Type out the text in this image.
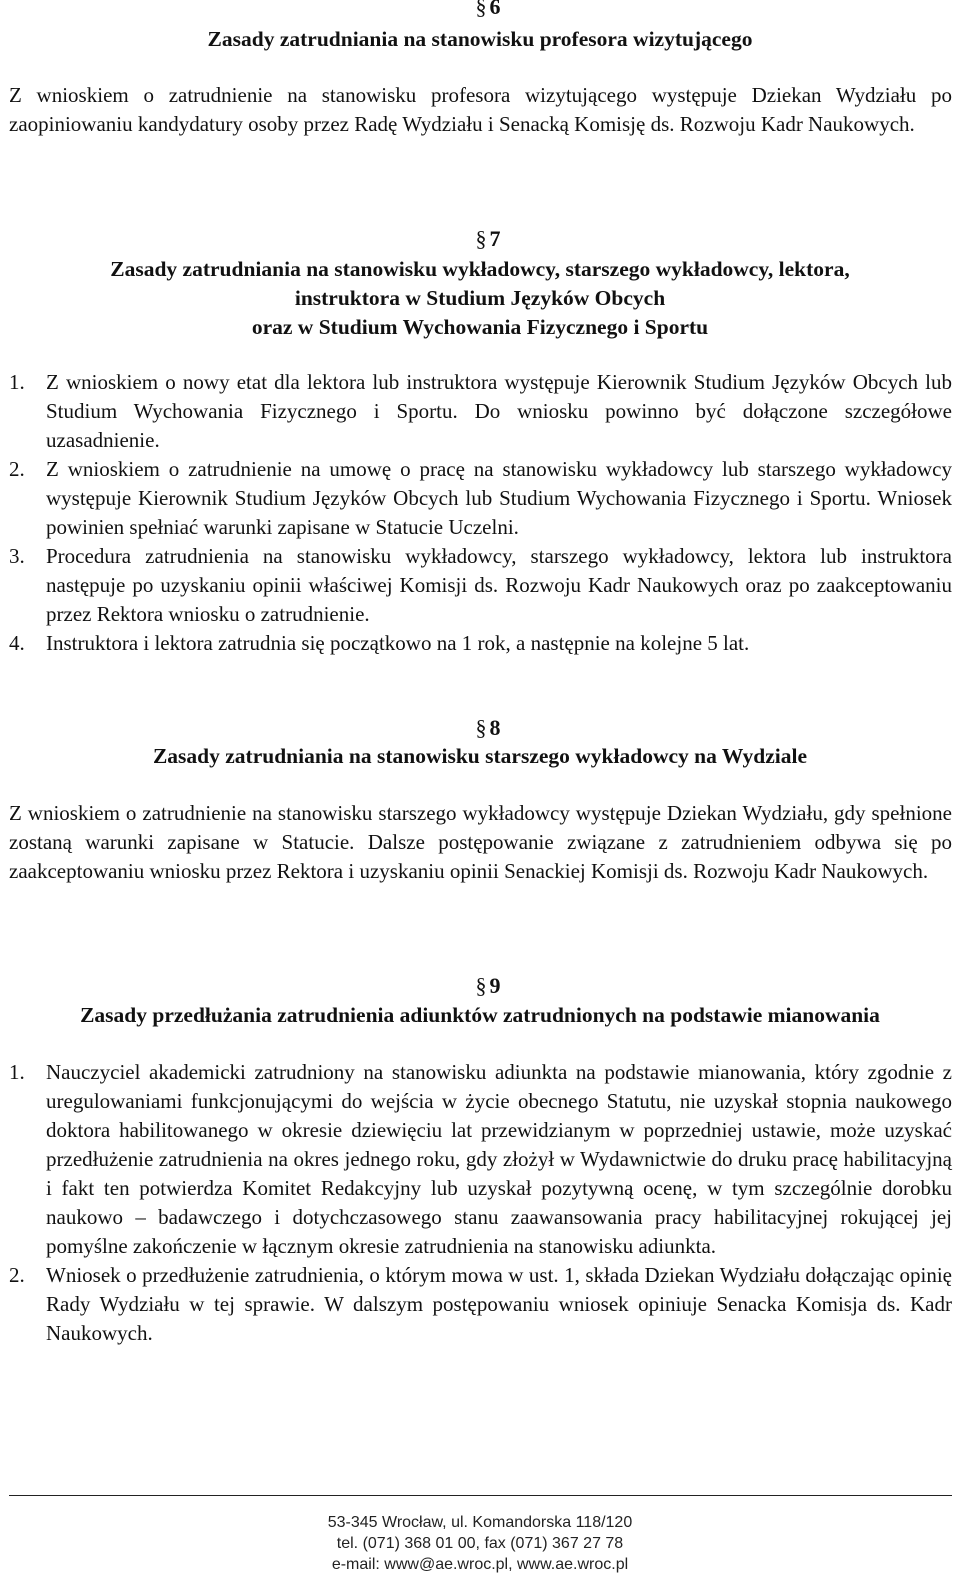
§ 6
Zasady zatrudniania na stanowisku profesora wizytującego
Z wnioskiem o zatrudnienie na stanowisku profesora wizytującego występuje Dziekan Wydziału po zaopiniowaniu kandydatury osoby przez Radę Wydziału i Senacką Komisję ds. Rozwoju Kadr Naukowych.
§ 7
Zasady zatrudniania na stanowisku wykładowcy, starszego wykładowcy, lektora,
instruktora w Studium Języków Obcych
oraz w Studium Wychowania Fizycznego i Sportu
1. Z wnioskiem o nowy etat dla lektora lub instruktora występuje Kierownik Studium Języków Obcych lub Studium Wychowania Fizycznego i Sportu. Do wniosku powinno być dołączone szczegółowe uzasadnienie.
2. Z wnioskiem o zatrudnienie na umowę o pracę na stanowisku wykładowcy lub starszego wykładowcy występuje Kierownik Studium Języków Obcych lub Studium Wychowania Fizycznego i Sportu. Wniosek powinien spełniać warunki zapisane w Statucie Uczelni.
3. Procedura zatrudnienia na stanowisku wykładowcy, starszego wykładowcy, lektora lub instruktora następuje po uzyskaniu opinii właściwej Komisji ds. Rozwoju Kadr Naukowych oraz po zaakceptowaniu przez Rektora wniosku o zatrudnienie.
4. Instruktora i lektora zatrudnia się początkowo na 1 rok, a następnie na kolejne 5 lat.
§ 8
Zasady zatrudniania na stanowisku starszego wykładowcy na Wydziale
Z wnioskiem o zatrudnienie na stanowisku starszego wykładowcy występuje Dziekan Wydziału, gdy spełnione zostaną warunki zapisane w Statucie. Dalsze postępowanie związane z zatrudnieniem odbywa się po zaakceptowaniu wniosku przez Rektora i uzyskaniu opinii Senackiej Komisji ds. Rozwoju Kadr Naukowych.
§ 9
Zasady przedłużania zatrudnienia adiunktów zatrudnionych na podstawie mianowania
1. Nauczyciel akademicki zatrudniony na stanowisku adiunkta na podstawie mianowania, który zgodnie z uregulowaniami funkcjonującymi do wejścia w życie obecnego Statutu, nie uzyskał stopnia naukowego doktora habilitowanego w okresie dziewięciu lat przewidzianym w poprzedniej ustawie, może uzyskać przedłużenie zatrudnienia na okres jednego roku, gdy złożył w Wydawnictwie do druku pracę habilitacyjną i fakt ten potwierdza Komitet Redakcyjny lub uzyskał pozytywną ocenę, w tym szczególnie dorobku naukowo – badawczego i dotychczasowego stanu zaawansowania pracy habilitacyjnej rokującej jej pomyślne zakończenie w łącznym okresie zatrudnienia na stanowisku adiunkta.
2. Wniosek o przedłużenie zatrudnienia, o którym mowa w ust. 1, składa Dziekan Wydziału dołączając opinię Rady Wydziału w tej sprawie. W dalszym postępowaniu wniosek opiniuje Senacka Komisja ds. Kadr Naukowych.
53-345 Wrocław, ul. Komandorska 118/120
tel. (071) 368 01 00, fax (071) 367 27 78
e-mail: www@ae.wroc.pl, www.ae.wroc.pl
